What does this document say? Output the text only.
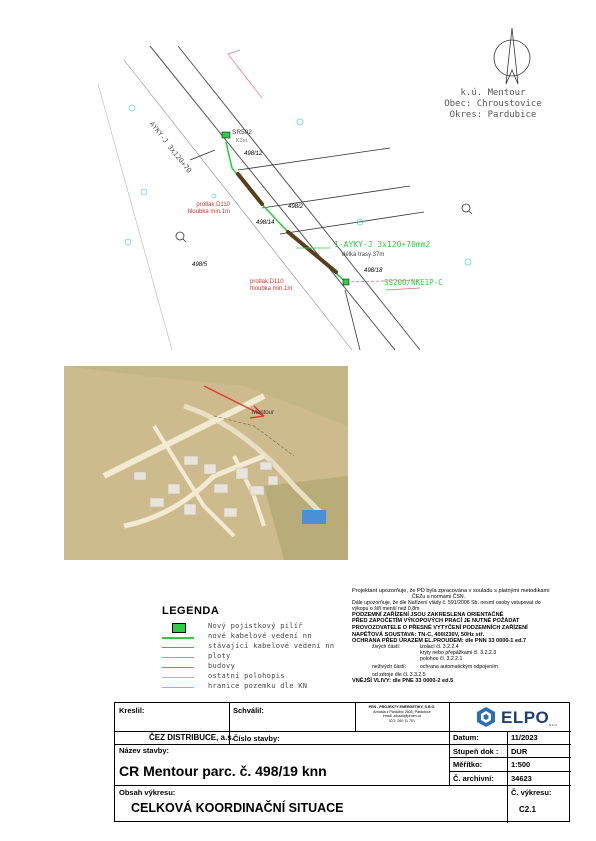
k.ú. Mentour
Obec: Chroustovice
Okres: Pardubice
AYKY-J 3x120+70	SR502
K3st.
498/12
498/2
498/14
498/5
498/18
protlak D110
hloubka min.1m
protlak D110
hloubka min.1m
1-AYKY-J 3x120+70mm2
délka trasy 37m
SS200/NKE1P-C
Mentour
LEGENDA
Nový pojistkový pilíř
nové kabelové vedení nn
stávající kabelové vedení nn
ploty
budovy
ostatní polohopis
hranice pozemku dle KN
Projektant upozorňuje, že PD byla zpracována v souladu s platnými metodikami
ČEZu a normami ČSN.
Dále upozorňuje, že dle Nařízení vlády č. 591/2006 Sb. nesmí osoby vstupovat do
výkopu o šíři menší než 0,8m
PODZEMNÍ ZAŘÍZENÍ JSOU ZAKRESLENA ORIENTAČNĚ
PŘED ZAPOČETÍM VÝKOPOVÝCH PRACÍ JE NUTNÉ POŽÁDAT
PROVOZOVATELE O PŘESNÉ VYTYČENÍ PODZEMNÍCH ZAŘÍZENÍ
NAPĚŤOVÁ SOUSTAVA: TN-C, 400/230V, 50Hz stř.
OCHRANA PŘED ÚRAZEM EL.PROUDEM: dle PNN 33 0000-1 ed.7
živých částí:	izolací čl. 3.2.2.4
kryty nebo přepážkami čl. 3.2.2.3
polohou čl. 3.2.2.1
neživých částí:	ochrana automatickým odpojením
od zdroje dle čl. 3.3.2.5
VNĚJŠÍ VLIVY: dle PNE 33 0000-2 ed.5
Kreslil:	Schválil:	PEN - PROJEKTY ENERGETIKY, S.R.O.
Arnošta z Pardubic 2605, Pardubice
email: zdrazil@proen.cz
IČO: 260 11 701	ELPO s.r.o.
ČEZ DISTRIBUCE, a.s. Číslo stavby:	Datum:	11/2023
Stupeň dok : DUR
Měřítko:	1:500
Č. archivní: 34623
Název stavby:
CR Mentour parc. č. 498/19 knn
Obsah výkresu:
CELKOVÁ KOORDINAČNÍ SITUACE
Č. výkresu:
C2.1
